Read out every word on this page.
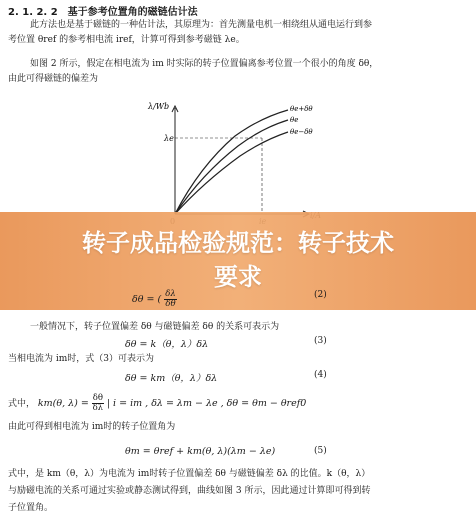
2. 1. 2. 2　基于参考位置角的磁链估计法
此方法也是基于磁链的一种估计法，其原理为：首先测量电机一相绕组从通电运行到参
考位置 θref 的参考相电流 iref，计算可得到参考磁链 λe。
如图 2 所示，假定在相电流为 im 时实际的转子位置偏离参考位置一个很小的角度 δθ，
由此可得磁链的偏差为
λ/Wb
λe
θe+δθ
θe
θe−δθ
转子成品检验规范：转子技术
要求
δθ = ( $\frac{\delta\lambda}{\delta\theta}$	(2)
一般情况下，转子位置偏差 δθ 与磁链偏差 δθ 的关系可表示为
δθ = k（θ，λ）δλ	(3)
当相电流为 im时，式（3）可表示为
δθ = km（θ，λ）δλ	(4)
式中， km(θ, $\lambda) = \frac{\delta\theta}{\delta\lambda}$ | i = im , δλ = λm − λe , δθ = θm − θref0
由此可得到相电流为 im时的转子位置角为
θm = θref + km(θ, λ)(λm − λe)	(5)
式中，是 km（θ，λ）为电流为 im时转子位置偏差 δθ 与磁链偏差 δλ 的比值。k（θ，λ）
与励磁电流的关系可通过实验或静态测试得到，曲线如图 3 所示，因此通过计算即可得到转
子位置角。
